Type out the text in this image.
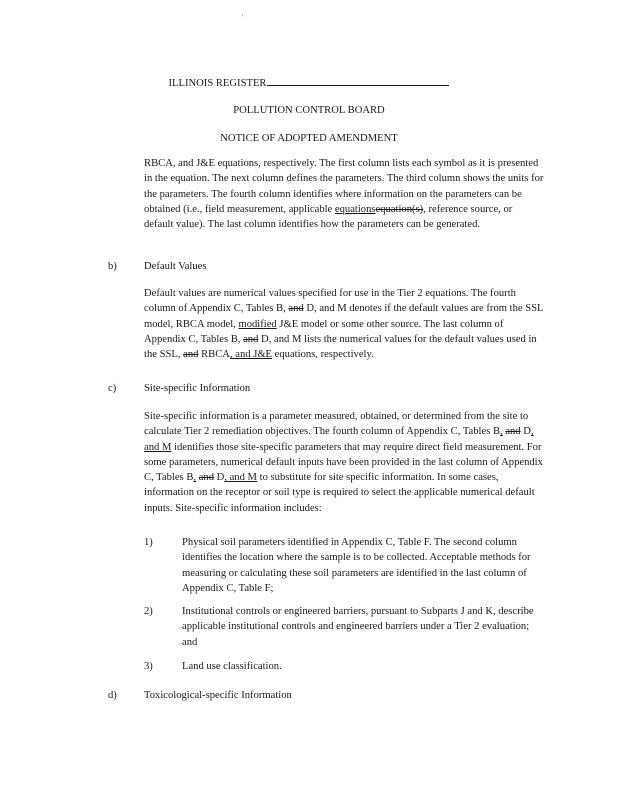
'
ILLINOIS REGISTER
POLLUTION CONTROL BOARD
NOTICE OF ADOPTED AMENDMENT

RBCA, and J&E equations, respectively. The first column lists each symbol as it is presented in the equation. The next column defines the parameters. The third column shows the units for the parameters. The fourth column identifies where information on the parameters can be obtained (i.e., field measurement, applicable equationsequation(s), reference source, or default value). The last column identifies how the parameters can be generated.

b)	Default Values

Default values are numerical values specified for use in the Tier 2 equations. The fourth column of Appendix C, Tables B, and D, and M denotes if the default values are from the SSL model, RBCA model, modified J&E model or some other source. The last column of Appendix C, Tables B, and D, and M lists the numerical values for the default values used in the SSL, and RBCA, and J&E equations, respectively.

c)	Site-specific Information

Site-specific information is a parameter measured, obtained, or determined from the site to calculate Tier 2 remediation objectives. The fourth column of Appendix C, Tables B, and D, and M identifies those site-specific parameters that may require direct field measurement. For some parameters, numerical default inputs have been provided in the last column of Appendix C, Tables B, and D, and M to substitute for site specific information. In some cases, information on the receptor or soil type is required to select the applicable numerical default inputs. Site-specific information includes:

1)	Physical soil parameters identified in Appendix C, Table F. The second column identifies the location where the sample is to be collected. Acceptable methods for measuring or calculating these soil parameters are identified in the last column of Appendix C, Table F;

2)	Institutional controls or engineered barriers, pursuant to Subparts J and K, describe applicable institutional controls and engineered barriers under a Tier 2 evaluation; and

3)	Land use classification.

d)	Toxicological-specific Information
